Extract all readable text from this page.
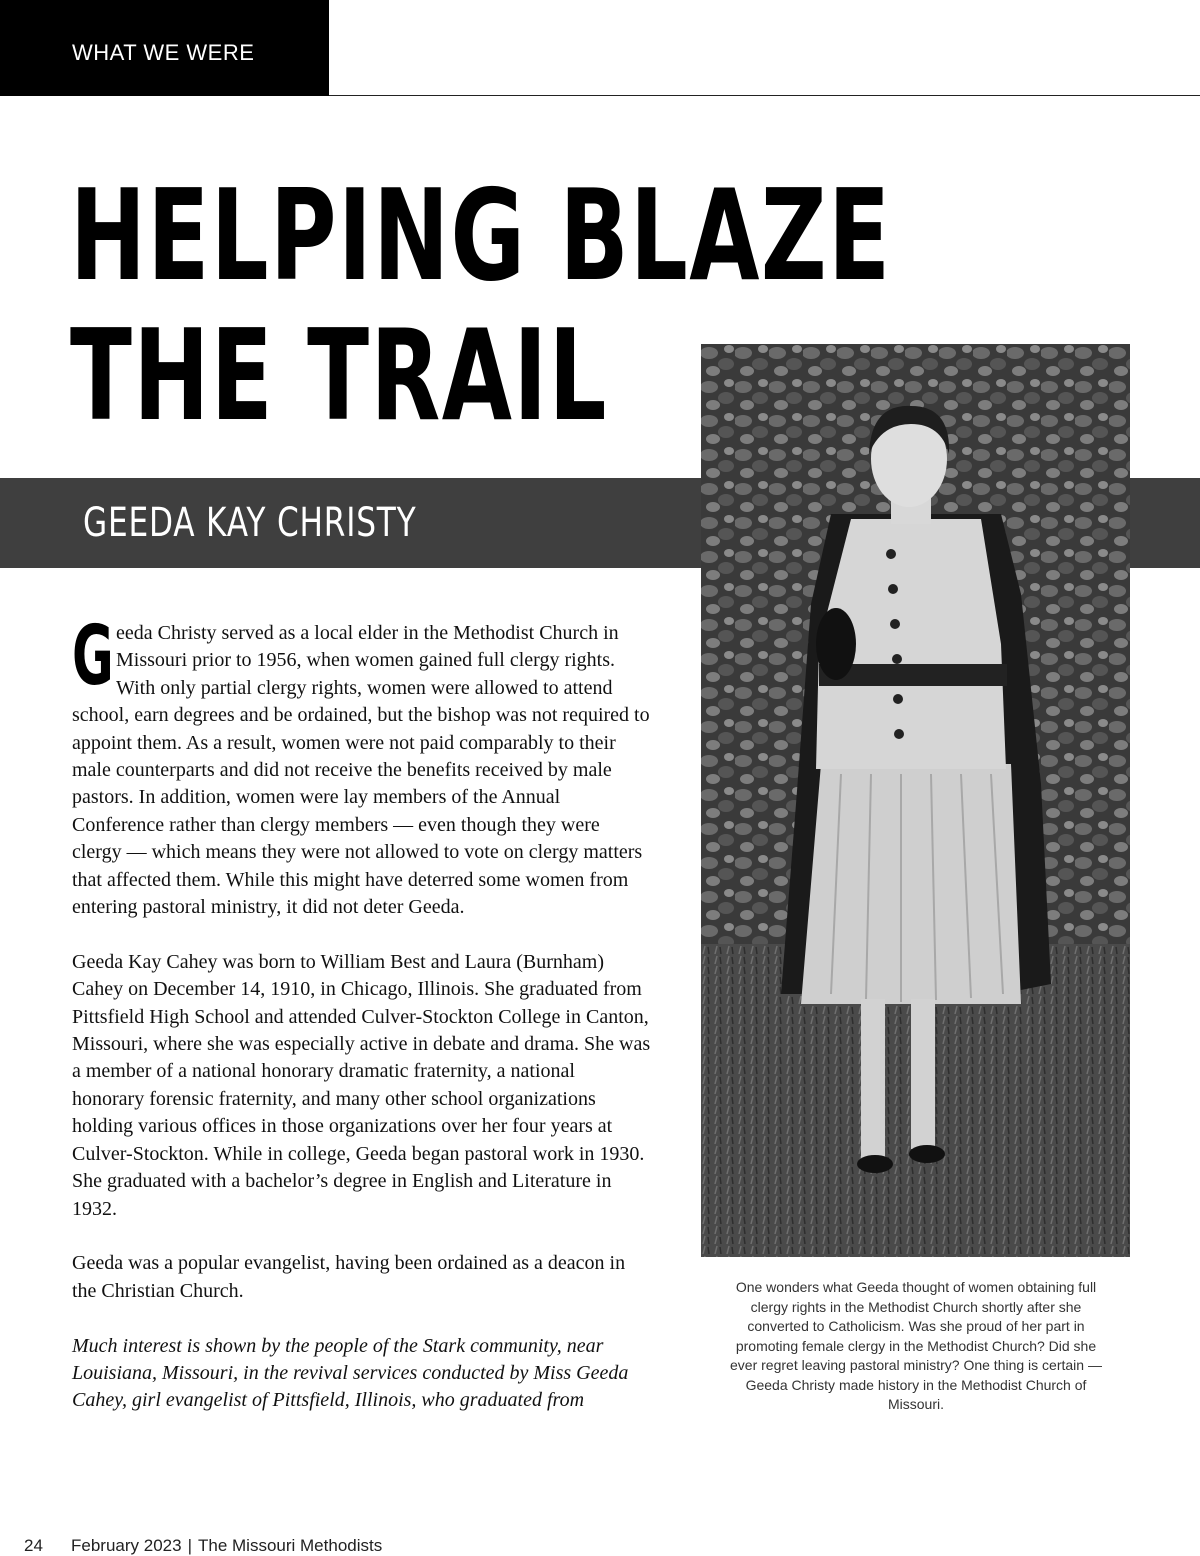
WHAT WE WERE
HELPING BLAZE
THE TRAIL
GEEDA KAY CHRISTY
One wonders what Geeda thought of women obtaining full clergy rights in the Methodist Church shortly after she converted to Catholicism. Was she proud of her part in promoting female clergy in the Methodist Church? Did she ever regret leaving pastoral ministry? One thing is certain — Geeda Christy made history in the Methodist Church of Missouri.

Geeda Christy served as a local elder in the Methodist Church in Missouri prior to 1956, when women gained full clergy rights. With only partial clergy rights, women were allowed to attend school, earn degrees and be ordained, but the bishop was not required to appoint them. As a result, women were not paid comparably to their male counterparts and did not receive the benefits received by male pastors. In addition, women were lay members of the Annual Conference rather than clergy members — even though they were clergy — which means they were not allowed to vote on clergy matters that affected them. While this might have deterred some women from entering pastoral ministry, it did not deter Geeda.

Geeda Kay Cahey was born to William Best and Laura (Burnham) Cahey on December 14, 1910, in Chicago, Illinois. She graduated from Pittsfield High School and attended Culver-Stockton College in Canton, Missouri, where she was especially active in debate and drama. She was a member of a national honorary dramatic fraternity, a national honorary forensic fraternity, and many other school organizations holding various offices in those organizations over her four years at Culver-Stockton. While in college, Geeda began pastoral work in 1930. She graduated with a bachelor’s degree in English and Literature in 1932.

Geeda was a popular evangelist, having been ordained as a deacon in the Christian Church.

Much interest is shown by the people of the Stark community, near Louisiana, Missouri, in the revival services conducted by Miss Geeda Cahey, girl evangelist of Pittsfield, Illinois, who graduated from

24 February 2023 | The Missouri Methodists
